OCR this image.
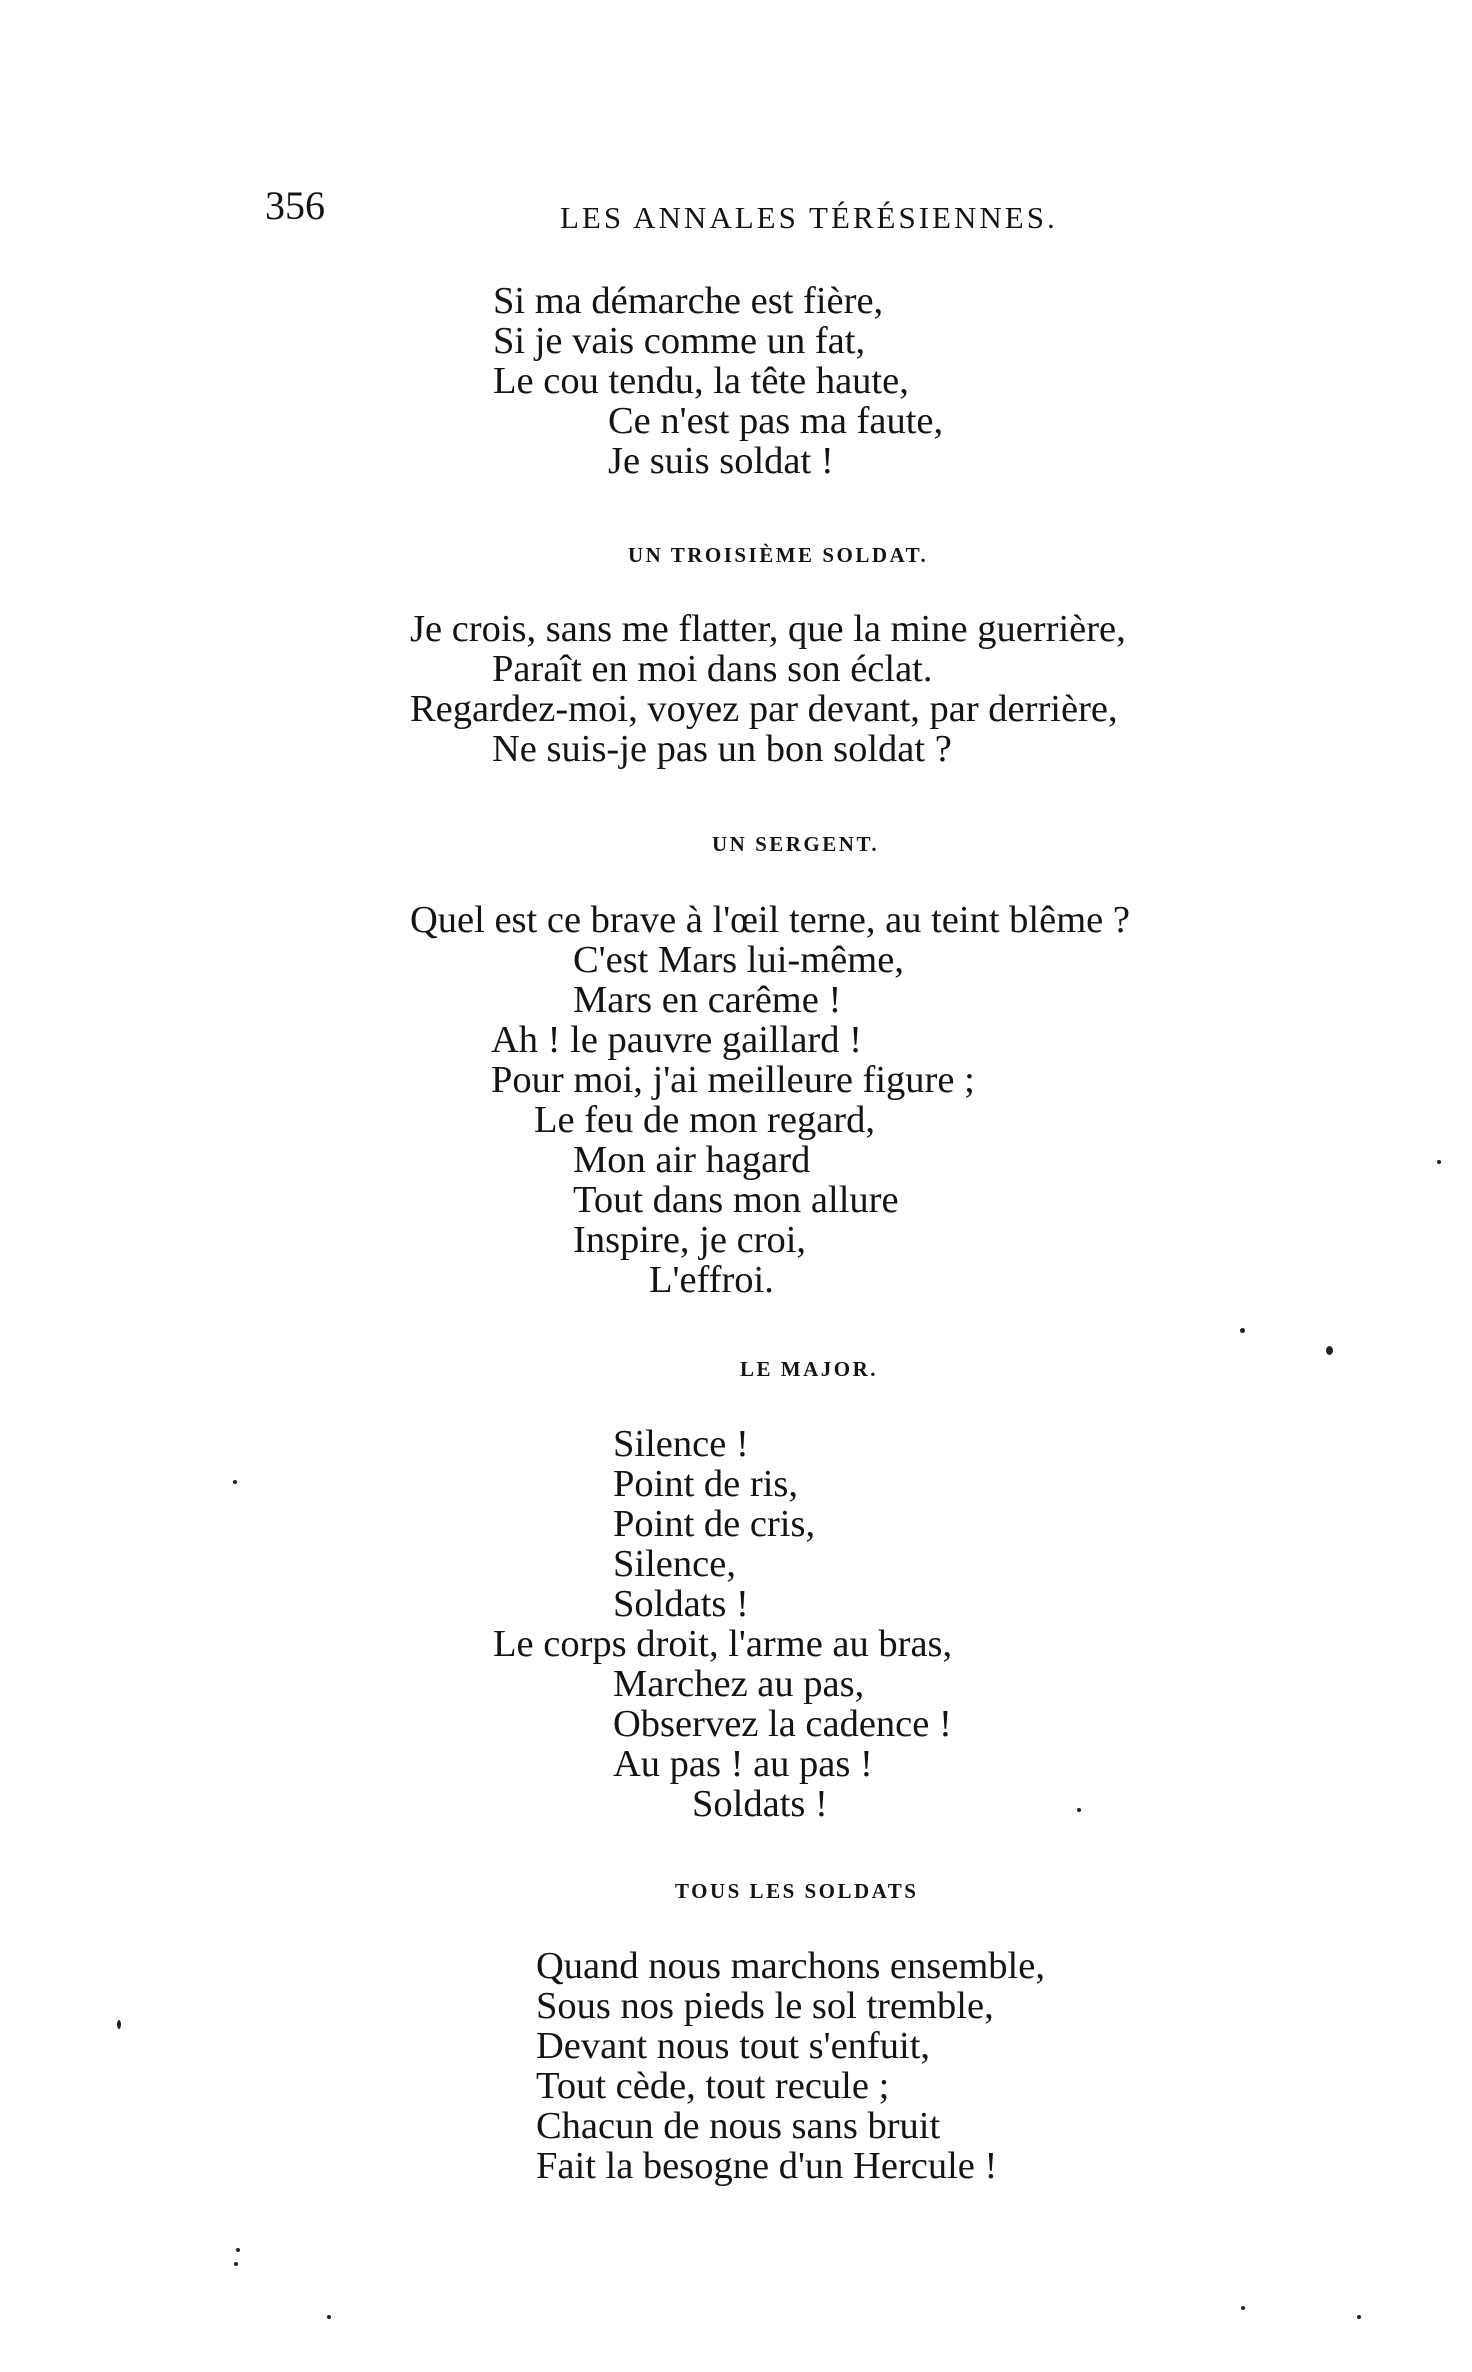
356	LES ANNALES TÉRÉSIENNES.
Si ma démarche est fière,
Si je vais comme un fat,
Le cou tendu, la tête haute,
Ce n'est pas ma faute,
Je suis soldat !
UN TROISIÈME SOLDAT.
Je crois, sans me flatter, que la mine guerrière,
Paraît en moi dans son éclat.
Regardez-moi, voyez par devant, par derrière,
Ne suis-je pas un bon soldat ?
UN SERGENT.
Quel est ce brave à l'œil terne, au teint blême ?
C'est Mars lui-même,
Mars en carême !
Ah ! le pauvre gaillard !
Pour moi, j'ai meilleure figure ;
Le feu de mon regard,
Mon air hagard
Tout dans mon allure
Inspire, je croi,
L'effroi.
LE MAJOR.
Silence !
Point de ris,
Point de cris,
Silence,
Soldats !
Le corps droit, l'arme au bras,
Marchez au pas,
Observez la cadence !
Au pas ! au pas !
Soldats !
TOUS LES SOLDATS
Quand nous marchons ensemble,
Sous nos pieds le sol tremble,
Devant nous tout s'enfuit,
Tout cède, tout recule ;
Chacun de nous sans bruit
Fait la besogne d'un Hercule !
